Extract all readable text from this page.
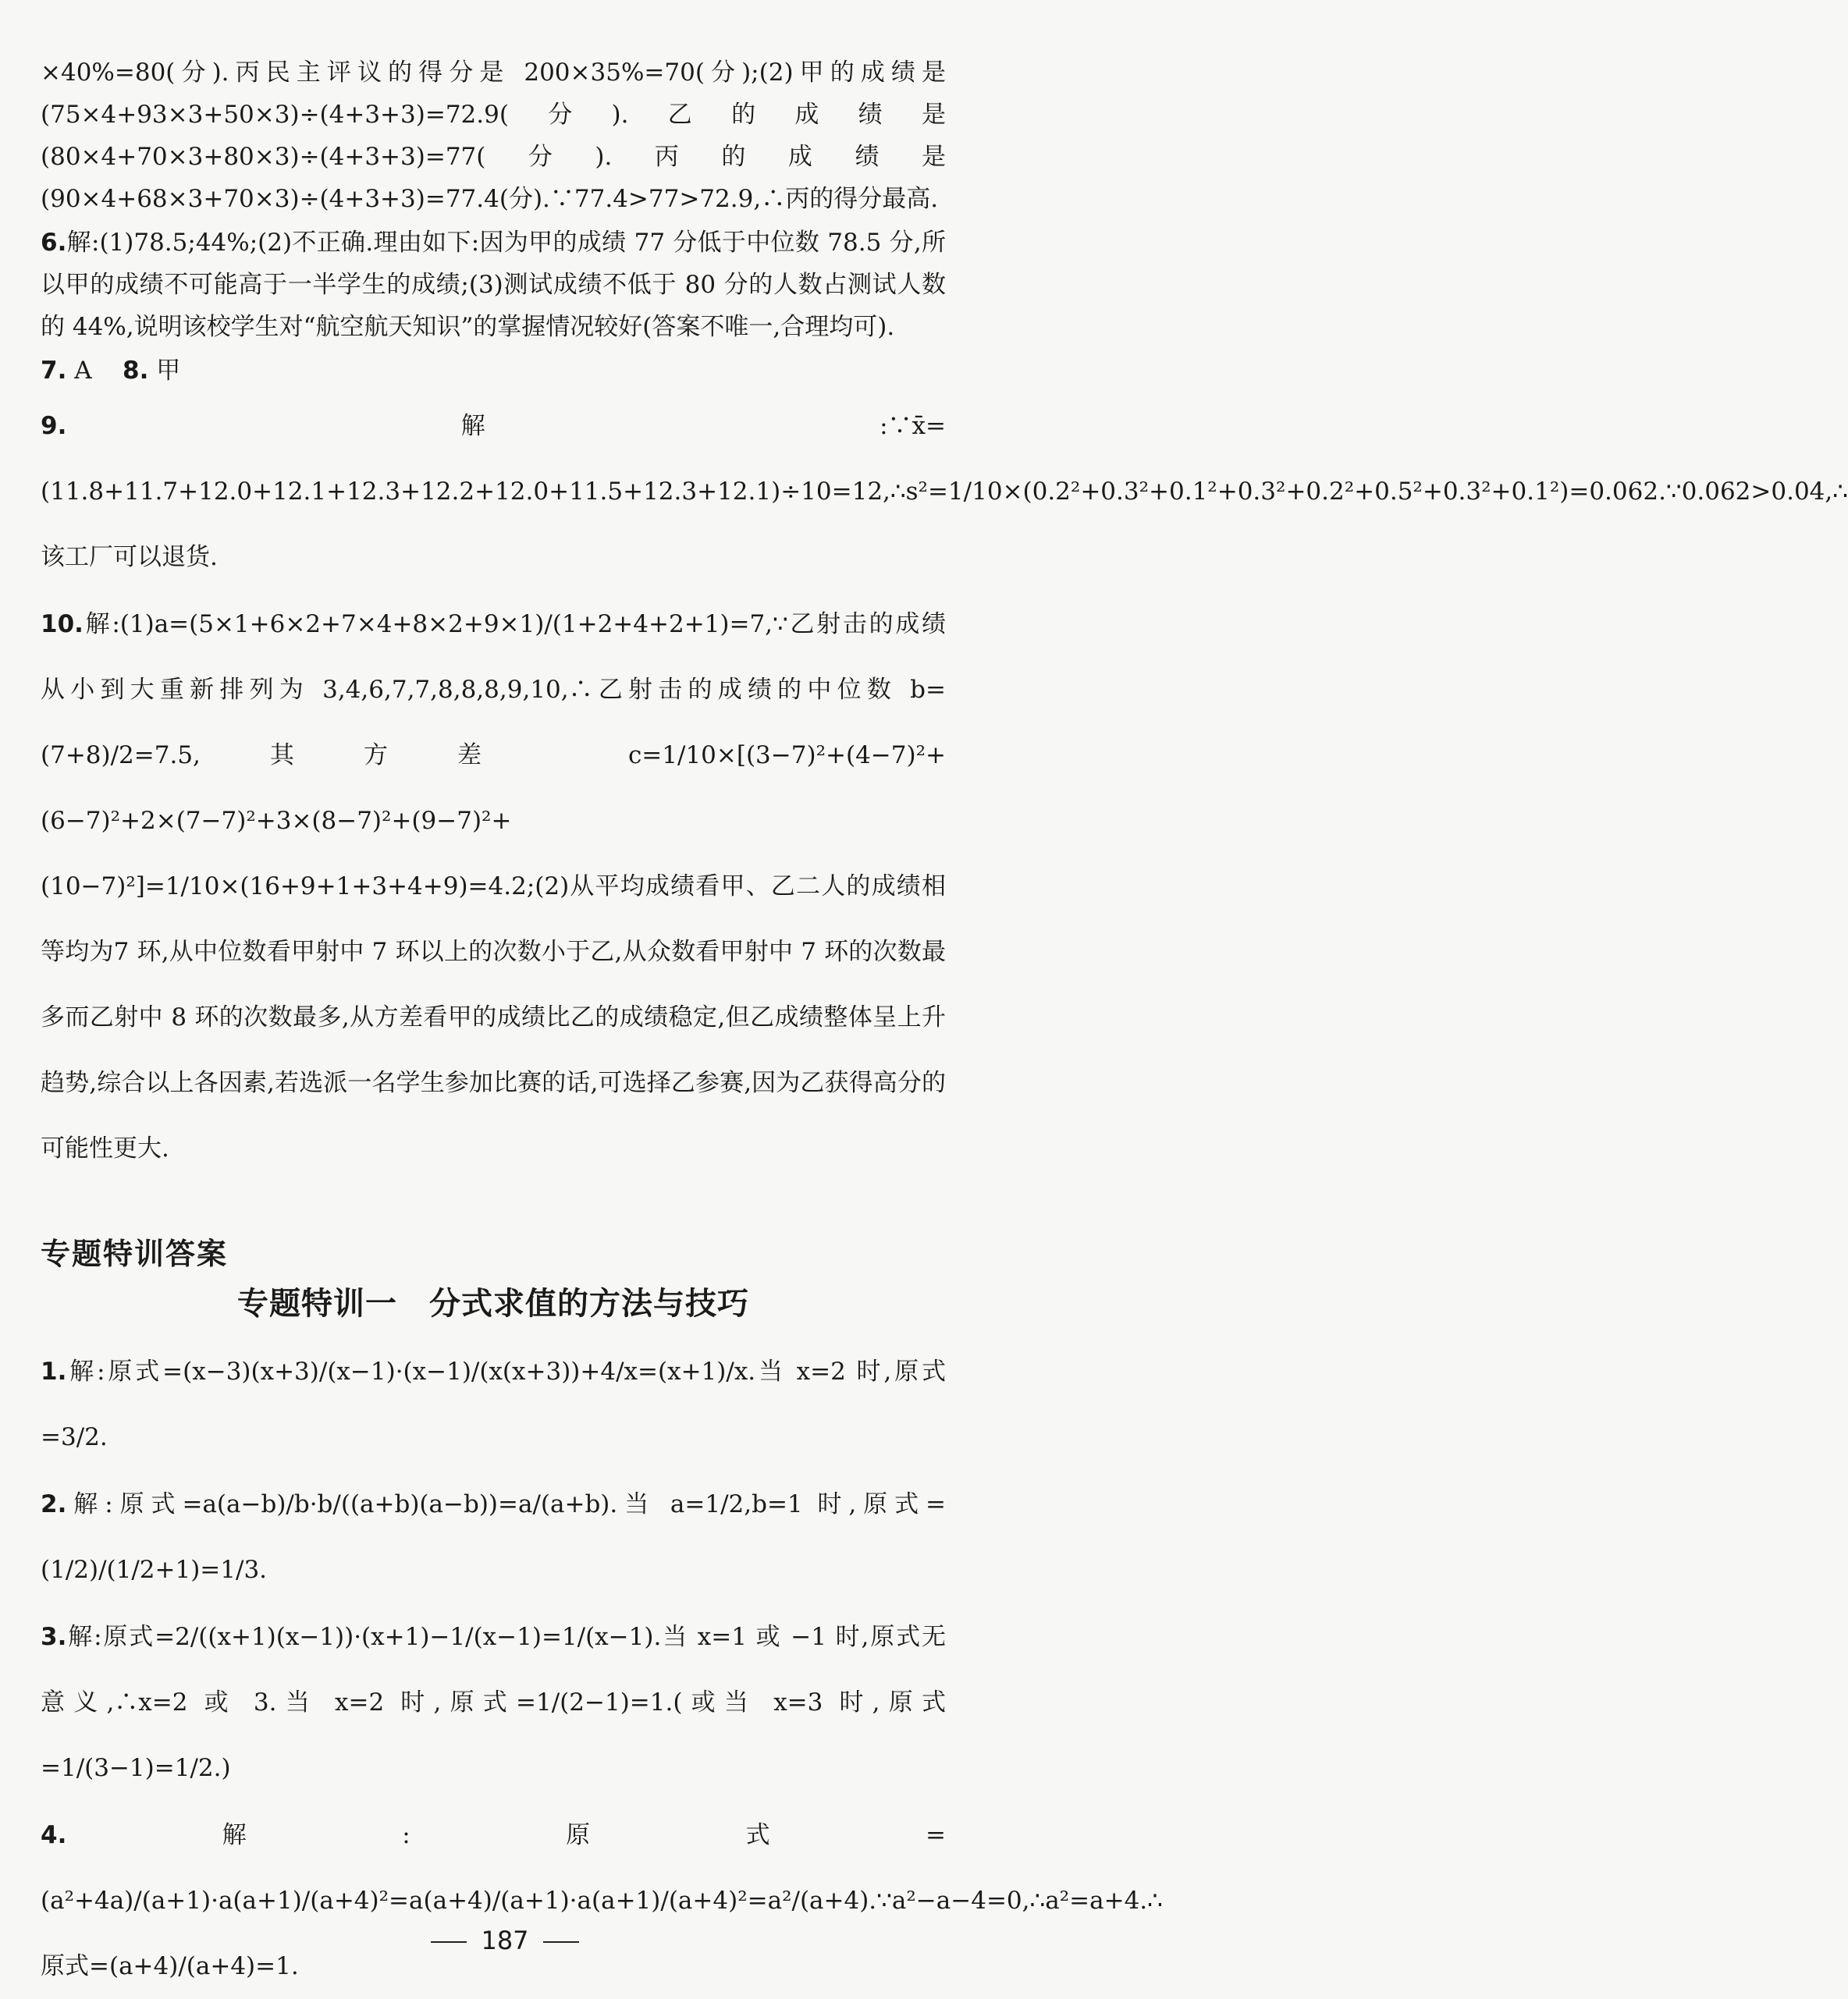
×40%=80(分).丙民主评议的得分是 200×35%=70(分);(2)甲的成绩是(75×4+93×3+50×3)÷(4+3+3)=72.9(分).乙的成绩是(80×4+70×3+80×3)÷(4+3+3)=77(分).丙的成绩是(90×4+68×3+70×3)÷(4+3+3)=77.4(分).∵77.4>77>72.9,∴丙的得分最高.

6.解:(1)78.5;44%;(2)不正确.理由如下:因为甲的成绩 77 分低于中位数 78.5 分,所以甲的成绩不可能高于一半学生的成绩;(3)测试成绩不低于 80 分的人数占测试人数的 44%,说明该校学生对“航空航天知识”的掌握情况较好(答案不唯一,合理均可).

7. A 8. 甲

9.解:∵x̄=(11.8+11.7+12.0+12.1+12.3+12.2+12.0+11.5+12.3+12.1)÷10=12,∴s²=1/10×(0.2²+0.3²+0.1²+0.3²+0.2²+0.5²+0.3²+0.1²)=0.062.∵0.062>0.04,∴该工厂可以退货.

10.解:(1)a=(5×1+6×2+7×4+8×2+9×1)/(1+2+4+2+1)=7,∵乙射击的成绩从小到大重新排列为 3,4,6,7,7,8,8,8,9,10,∴乙射击的成绩的中位数 b=(7+8)/2=7.5,其方差 c=1/10×[(3−7)²+(4−7)²+(6−7)²+2×(7−7)²+3×(8−7)²+(9−7)²+(10−7)²]=1/10×(16+9+1+3+4+9)=4.2;(2)从平均成绩看甲、乙二人的成绩相等均为7 环,从中位数看甲射中 7 环以上的次数小于乙,从众数看甲射中 7 环的次数最多而乙射中 8 环的次数最多,从方差看甲的成绩比乙的成绩稳定,但乙成绩整体呈上升趋势,综合以上各因素,若选派一名学生参加比赛的话,可选择乙参赛,因为乙获得高分的可能性更大.

专题特训答案
专题特训一　分式求值的方法与技巧

1.解:原式=(x−3)(x+3)/(x−1)·(x−1)/(x(x+3))+4/x=(x+1)/x.当 x=2 时,原式=3/2.

2.解:原式=a(a−b)/b·b/((a+b)(a−b))=a/(a+b).当 a=1/2,b=1 时,原式=(1/2)/(1/2+1)=1/3.

3.解:原式=2/((x+1)(x−1))·(x+1)−1/(x−1)=1/(x−1).当 x=1 或 −1 时,原式无意义,∴x=2 或 3.当 x=2 时,原式=1/(2−1)=1.(或当 x=3 时,原式=1/(3−1)=1/2.)

4.解:原式=(a²+4a)/(a+1)·a(a+1)/(a+4)²=a(a+4)/(a+1)·a(a+1)/(a+4)²=a²/(a+4).∵a²−a−4=0,∴a²=a+4.∴原式=(a+4)/(a+4)=1.

187
